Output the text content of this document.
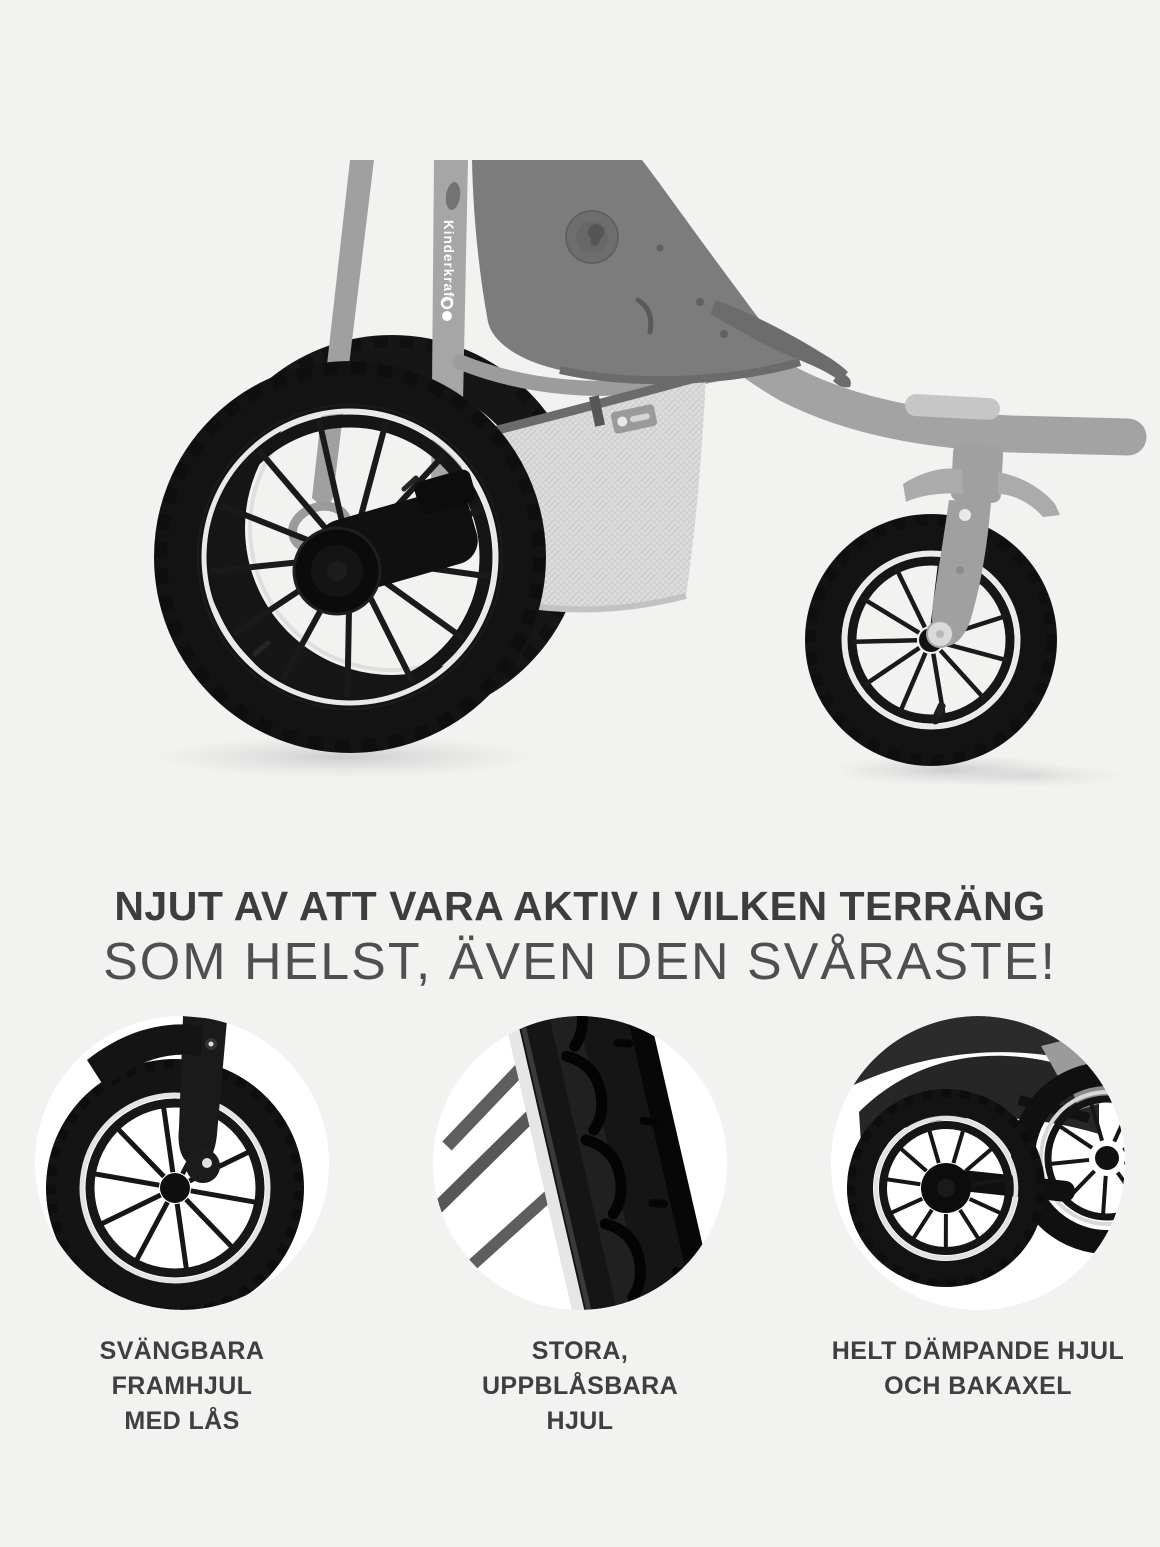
Kinderkraft
NJUT AV ATT VARA AKTIV I VILKEN TERRÄNG
SOM HELST, ÄVEN DEN SVÅRASTE!
SVÄNGBARA FRAMHJUL
MED LÅS
STORA, UPPBLÅSBARA
HJUL
HELT DÄMPANDE HJUL
OCH BAKAXEL
